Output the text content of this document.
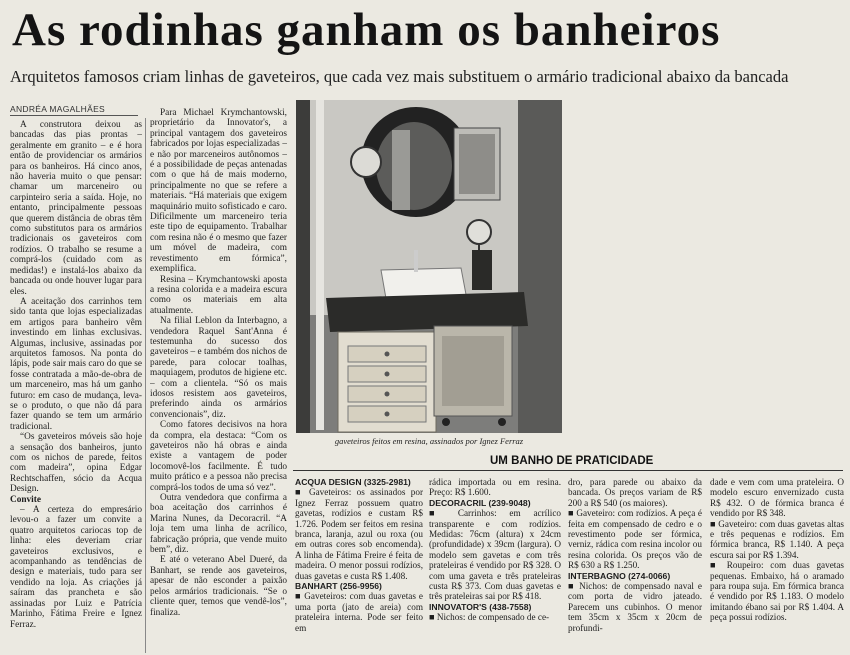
As rodinhas ganham os banheiros
Arquitetos famosos criam linhas de gaveteiros, que cada vez mais substituem o armário tradicional abaixo da bancada
ANDRÉA MAGALHÃES

A construtora deixou as bancadas das pias prontas – geralmente em granito – e é hora então de providenciar os armários para os banheiros. Há cinco anos, não haveria muito o que pensar: chamar um marceneiro ou carpinteiro seria a saída. Hoje, no entanto, principalmente pessoas que querem distância de obras têm como substitutos para os armários tradicionais os gaveteiros com rodízios. O trabalho se resume a comprá-los (cuidado com as medidas!) e instalá-los abaixo da bancada ou onde houver lugar para eles.

A aceitação dos carrinhos tem sido tanta que lojas especializadas em artigos para banheiro vêm investindo em linhas exclusivas. Algumas, inclusive, assinadas por arquitetos famosos. Na ponta do lápis, pode sair mais caro do que se fosse contratada a mão-de-obra de um marceneiro, mas há um ganho futuro: em caso de mudança, leva-se o produto, o que não dá para fazer quando se tem um armário tradicional.

“Os gaveteiros móveis são hoje a sensação dos banheiros, junto com os nichos de parede, feitos com madeira”, opina Edgar Rechtschaffen, sócio da Acqua Design.

Convite

– A certeza do empresário levou-o a fazer um convite a quatro arquitetos cariocas top de linha: eles deveriam criar gaveteiros exclusivos, e acompanhando as tendências de design e materiais, tudo para ser vendido na loja. As criações já saíram das prancheta e são assinadas por Luiz e Patrícia Marinho, Fátima Freire e Ignez Ferraz.

Para Michael Krymchantowski, proprietário da Innovator's, a principal vantagem dos gaveteiros fabricados por lojas especializadas – e não por marceneiros autônomos – é a possibilidade de peças antenadas com o que há de mais moderno, principalmente no que se refere a materiais. “Há materiais que exigem maquinário muito sofisticado e caro. Dificilmente um marceneiro teria este tipo de equipamento. Trabalhar com resina não é o mesmo que fazer um móvel de madeira, com revestimento em fórmica”, exemplifica.

Resina – Krymchantowski aposta a resina colorida e a madeira escura como os materiais em alta atualmente.

Na filial Leblon da Interbagno, a vendedora Raquel Sant'Anna é testemunha do sucesso dos gaveteiros – e também dos nichos de parede, para colocar toalhas, maquiagem, produtos de higiene etc. – com a clientela. “Só os mais idosos resistem aos gaveteiros, preferindo ainda os armários convencionais”, diz.

Como fatores decisivos na hora da compra, ela destaca: “Com os gaveteiros não há obras e ainda existe a vantagem de poder locomovê-los facilmente. É tudo muito prático e a pessoa não precisa comprá-los todos de uma só vez”.

Outra vendedora que confirma a boa aceitação dos carrinhos é Marina Nunes, da Decoracril. “A loja tem uma linha de acrílico, fabricação própria, que vende muito bem”, diz.

E até o veterano Abel Dueré, da Banhart, se rende aos gaveteiros, apesar de não esconder a paixão pelos armários tradicionais. “Se o cliente quer, temos que vendê-los”, finaliza.

gaveteiros feitos em resina, assinados por Ignez Ferraz
UM BANHO DE PRATICIDADE

ACQUA DESIGN (3325-2981)

■ Gaveteiros: os assinados por Ignez Ferraz possuem quatro gavetas, rodízios e custam R$ 1.726. Podem ser feitos em resina branca, laranja, azul ou roxa (ou em outras cores sob encomenda). A linha de Fátima Freire é feita de madeira. O menor possui rodízios, duas gavetas e custa R$ 1.408.

BANHART (256-9956)

■ Gaveteiros: com duas gavetas e uma porta (jato de areia) com prateleira interna. Pode ser feito em

rádica importada ou em resina. Preço: R$ 1.600.

DECORACRIL (239-9048)

■ Carrinhos: em acrílico transparente e com rodízios. Medidas: 76cm (altura) x 24cm (profundidade) x 39cm (largura). O modelo sem gavetas e com três prateleiras é vendido por R$ 328. O com uma gaveta e três prateleiras custa R$ 373. Com duas gavetas e três prateleiras sai por R$ 418.

INNOVATOR'S (438-7558)

■ Nichos: de compensado de ce-

dro, para parede ou abaixo da bancada. Os preços variam de R$ 200 a R$ 540 (os maiores).

■ Gaveteiro: com rodízios. A peça é feita em compensado de cedro e o revestimento pode ser fórmica, verniz, rádica com resina incolor ou resina colorida. Os preços vão de R$ 630 a R$ 1.250.

INTERBAGNO (274-0066)

■ Nichos: de compensado naval e com porta de vidro jateado. Parecem uns cubinhos. O menor tem 35cm x 35cm x 20cm de profundi-

dade e vem com uma prateleira. O modelo escuro envernizado custa R$ 432. O de fórmica branca é vendido por R$ 348.

■ Gaveteiro: com duas gavetas altas e três pequenas e rodízios. Em fórmica branca, R$ 1.140. A peça escura sai por R$ 1.394.

■ Roupeiro: com duas gavetas pequenas. Embaixo, há o aramado para roupa suja. Em fórmica branca é vendido por R$ 1.183. O modelo imitando ébano sai por R$ 1.404. A peça possui rodízios.
